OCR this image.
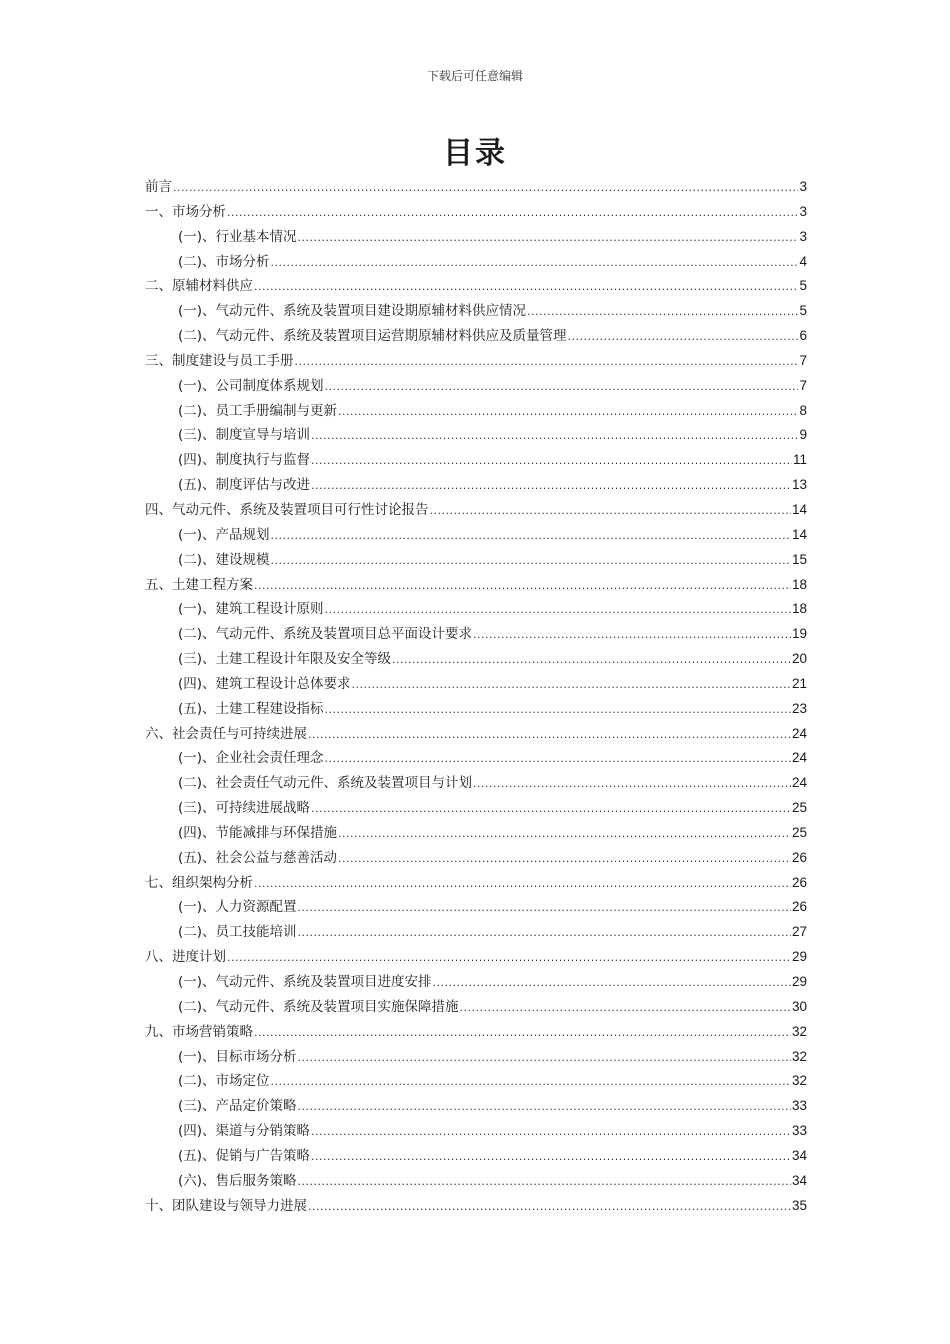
下载后可任意编辑
目录
前言 .....	3
一、市场分析 .....	3
(一)、行业基本情况 .....	3
(二)、市场分析 .....	4
二、原辅材料供应 .....	5
(一)、气动元件、系统及装置项目建设期原辅材料供应情况 .....	5
(二)、气动元件、系统及装置项目运营期原辅材料供应及质量管理 .....	6
三、制度建设与员工手册 .....	7
(一)、公司制度体系规划 .....	7
(二)、员工手册编制与更新 .....	8
(三)、制度宣导与培训 .....	9
(四)、制度执行与监督 .....	11
(五)、制度评估与改进 .....	13
四、气动元件、系统及装置项目可行性讨论报告 .....	14
(一)、产品规划 .....	14
(二)、建设规模 .....	15
五、土建工程方案 .....	18
(一)、建筑工程设计原则 .....	18
(二)、气动元件、系统及装置项目总平面设计要求 .....	19
(三)、土建工程设计年限及安全等级 .....	20
(四)、建筑工程设计总体要求 .....	21
(五)、土建工程建设指标 .....	23
六、社会责任与可持续进展 .....	24
(一)、企业社会责任理念 .....	24
(二)、社会责任气动元件、系统及装置项目与计划 .....	24
(三)、可持续进展战略 .....	25
(四)、节能减排与环保措施 .....	25
(五)、社会公益与慈善活动 .....	26
七、组织架构分析 .....	26
(一)、人力资源配置 .....	26
(二)、员工技能培训 .....	27
八、进度计划 .....	29
(一)、气动元件、系统及装置项目进度安排 .....	29
(二)、气动元件、系统及装置项目实施保障措施 .....	30
九、市场营销策略 .....	32
(一)、目标市场分析 .....	32
(二)、市场定位 .....	32
(三)、产品定价策略 .....	33
(四)、渠道与分销策略 .....	33
(五)、促销与广告策略 .....	34
(六)、售后服务策略 .....	34
十、团队建设与领导力进展 .....	35
